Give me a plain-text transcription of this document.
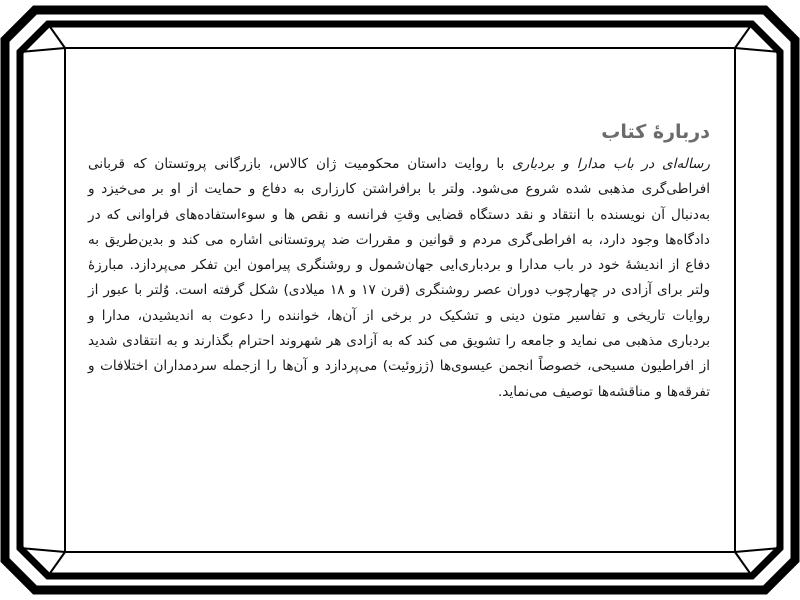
درباره‌ٔ کتاب

رساله‌ای در باب مدارا و بردباری با روایت داستان محکومیت ژان کالاس، بازرگانی پروتستان که قربانی افراطی‌گری مذهبی شده شروع می‌شود. ولتر با برافراشتن کارزاری به دفاع و حمایت از او بر می‌خیزد و به‌دنبال آن نویسنده با انتقاد و نقد دستگاه قضایی وقتِ فرانسه و نقص ها و سوءاستفاده‌های فراوانی که در دادگاه‌ها وجود دارد، به افراطی‌گری مردم و قوانین و مقررات ضد پروتستانی اشاره می کند و بدین‌طریق به دفاع از اندیشهٔ خود در باب مدارا و بردباری‌ایی جهان‌شمول و روشنگری پیرامون این تفکر می‌پردازد. مبارزهٔ ولتر برای آزادی در چهارچوب دوران عصر روشنگری (قرن ۱۷ و ۱۸ میلادی) شکل گرفته است. وُلتر با عبور از روایات تاریخی و تفاسیر متون دینی و تشکیک در برخی از آن‌ها، خواننده را دعوت به اندیشیدن، مدارا و بردباری مذهبی می نماید و جامعه را تشویق می کند که به آزادی هر شهروند احترام بگذارند و به انتقادی شدید از افراطیون مسیحی، خصوصاً انجمن عیسوی‌ها (ژزوئیت) می‌پردازد و آن‌ها را ازجمله سردمداران اختلافات و تفرقه‌ها و مناقشه‌ها توصیف می‌نماید.
